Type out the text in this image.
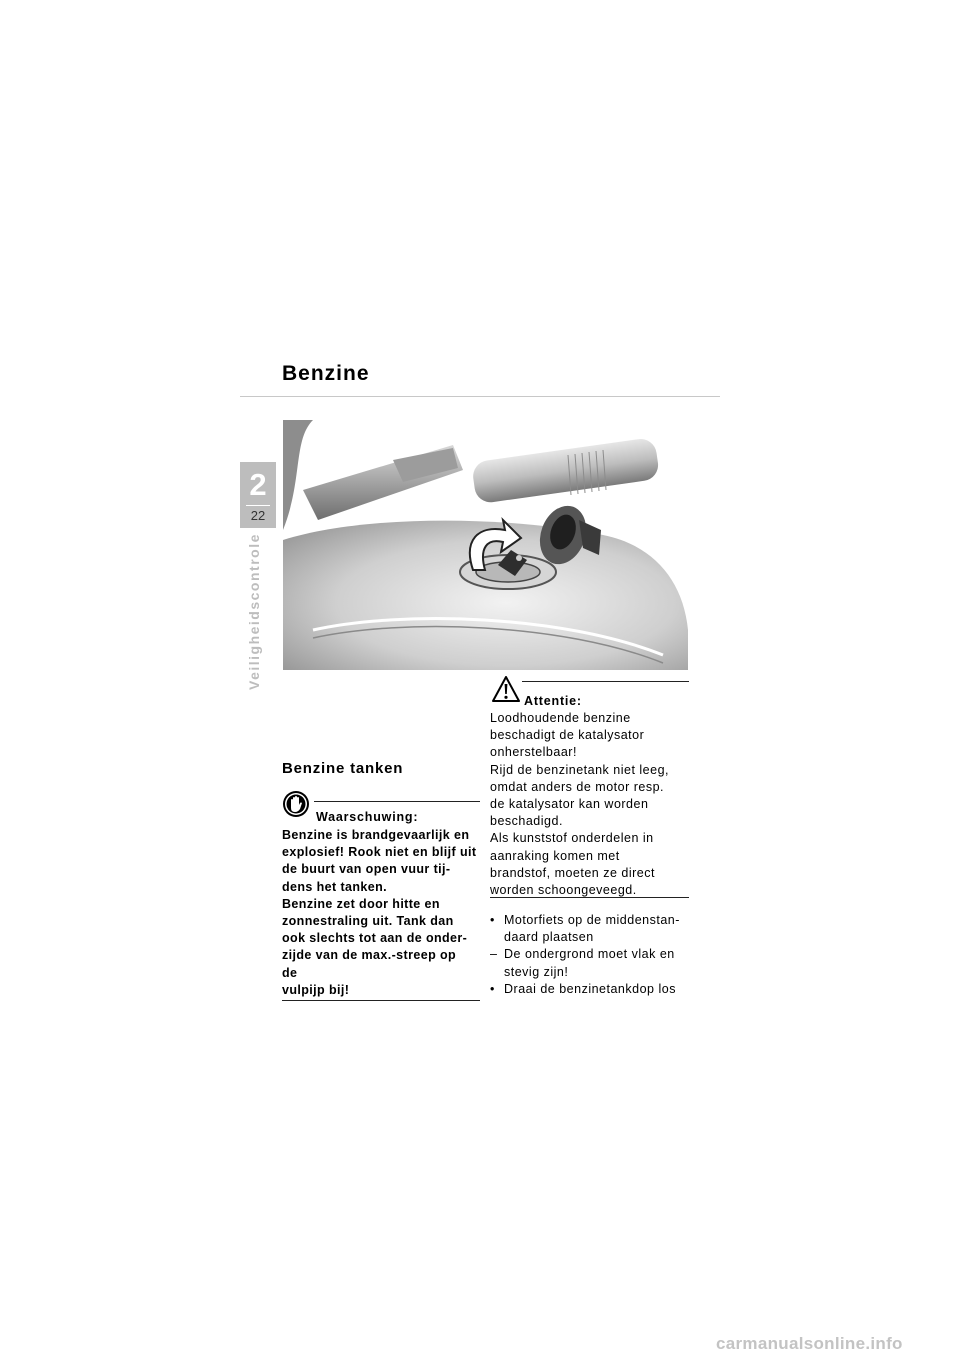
Benzine
2
22
Veiligheidscontrole
Benzine tanken
Waarschuwing:
Benzine is brandgevaarlijk en
explosief! Rook niet en blijf uit
de buurt van open vuur tij-
dens het tanken.
Benzine zet door hitte en
zonnestraling uit. Tank dan
ook slechts tot aan de onder-
zijde van de max.-streep op
de
vulpijp bij!
Attentie:
Loodhoudende benzine
beschadigt de katalysator
onherstelbaar!
Rijd de benzinetank niet leeg,
omdat anders de motor resp.
de katalysator kan worden
beschadigd.
Als kunststof onderdelen in
aanraking komen met
brandstof, moeten ze direct
worden schoongeveegd.
• Motorfiets op de middenstan-
daard plaatsen
– De ondergrond moet vlak en
stevig zijn!
• Draai de benzinetankdop los
carmanualsonline.info
